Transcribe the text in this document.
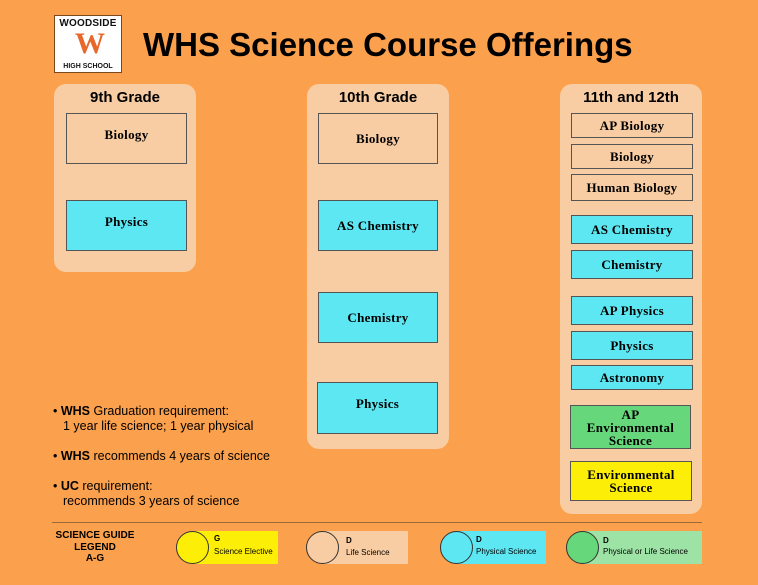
WOODSIDE
W
HIGH SCHOOL
WHS Science Course Offerings
9th Grade	10th Grade	11th and 12th
Biology
Physics
Biology
AS Chemistry
Chemistry
Physics
AP Biology
Biology
Human Biology
AS Chemistry
Chemistry
AP Physics
Physics
Astronomy
AP Environmental Science
Environmental Science
• WHS Graduation requirement:
1 year life science; 1 year physical
• WHS recommends 4 years of science
• UC requirement:
recommends 3 years of science
SCIENCE GUIDE
LEGEND
A-G
G
Science Elective
D
Life Science
D
Physical Science
D
Physical or Life Science
